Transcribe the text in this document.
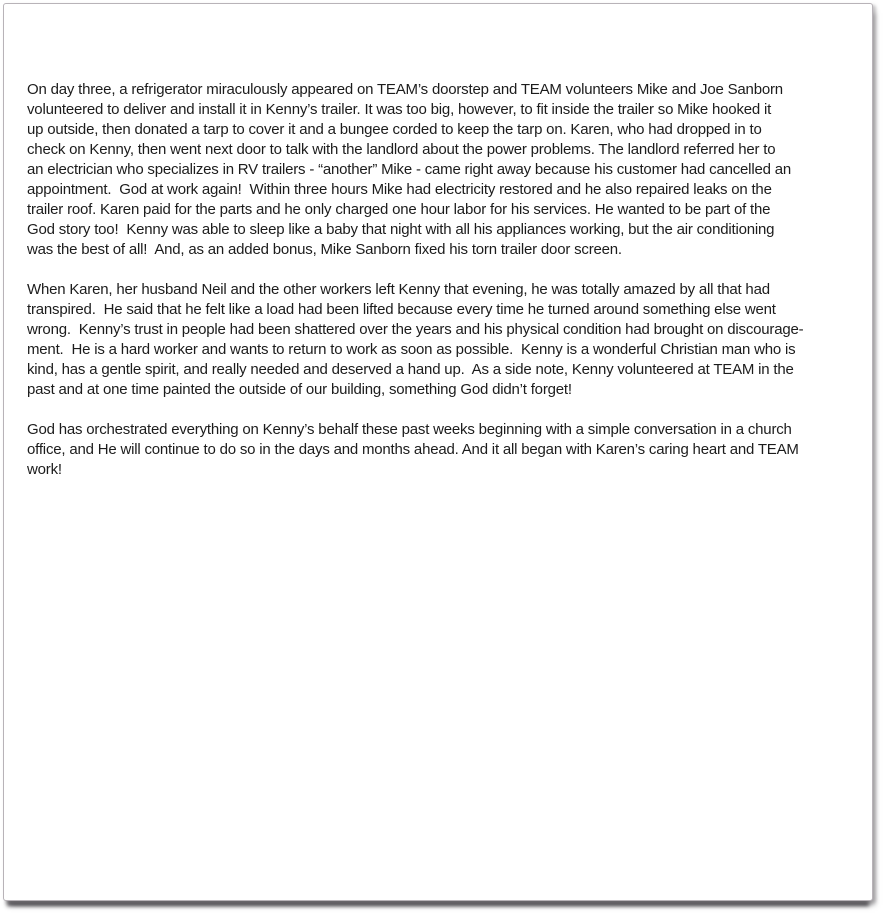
On day three, a refrigerator miraculously appeared on TEAM’s doorstep and TEAM volunteers Mike and Joe Sanborn
volunteered to deliver and install it in Kenny’s trailer. It was too big, however, to fit inside the trailer so Mike hooked it
up outside, then donated a tarp to cover it and a bungee corded to keep the tarp on. Karen, who had dropped in to
check on Kenny, then went next door to talk with the landlord about the power problems. The landlord referred her to
an electrician who specializes in RV trailers - “another” Mike - came right away because his customer had cancelled an
appointment.  God at work again!  Within three hours Mike had electricity restored and he also repaired leaks on the
trailer roof. Karen paid for the parts and he only charged one hour labor for his services. He wanted to be part of the
God story too!  Kenny was able to sleep like a baby that night with all his appliances working, but the air conditioning
was the best of all!  And, as an added bonus, Mike Sanborn fixed his torn trailer door screen.
When Karen, her husband Neil and the other workers left Kenny that evening, he was totally amazed by all that had
transpired.  He said that he felt like a load had been lifted because every time he turned around something else went
wrong.  Kenny’s trust in people had been shattered over the years and his physical condition had brought on discourage-
ment.  He is a hard worker and wants to return to work as soon as possible.  Kenny is a wonderful Christian man who is
kind, has a gentle spirit, and really needed and deserved a hand up.  As a side note, Kenny volunteered at TEAM in the
past and at one time painted the outside of our building, something God didn’t forget!
God has orchestrated everything on Kenny’s behalf these past weeks beginning with a simple conversation in a church
office, and He will continue to do so in the days and months ahead. And it all began with Karen’s caring heart and TEAM
work!
